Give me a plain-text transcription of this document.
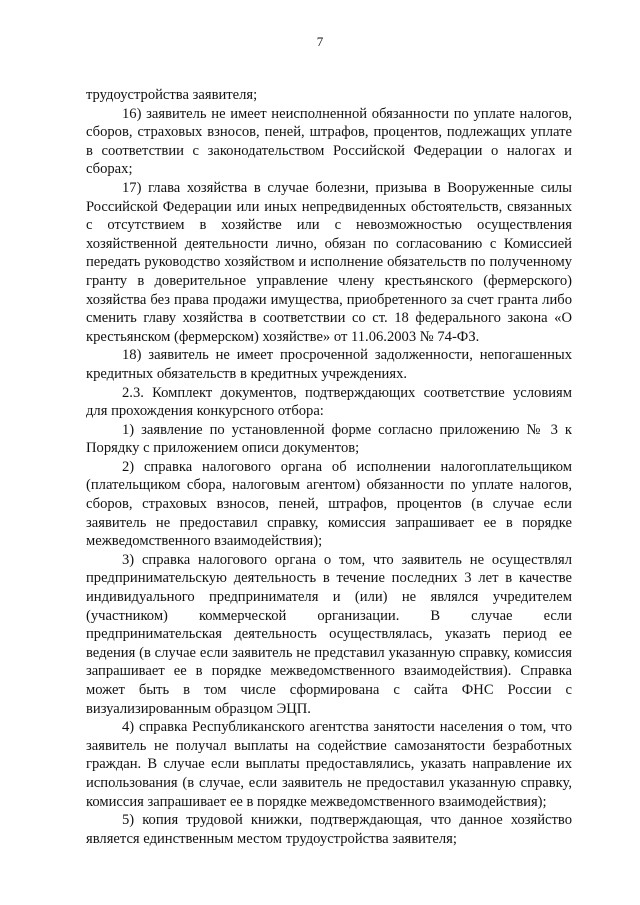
7

трудоустройства заявителя;

16) заявитель не имеет неисполненной обязанности по уплате налогов, сборов, страховых взносов, пеней, штрафов, процентов, подлежащих уплате в соответствии с законодательством Российской Федерации о налогах и сборах;

17) глава хозяйства в случае болезни, призыва в Вооруженные силы Российской Федерации или иных непредвиденных обстоятельств, связанных с отсутствием в хозяйстве или с невозможностью осуществления хозяйственной деятельности лично, обязан по согласованию с Комиссией передать руководство хозяйством и исполнение обязательств по полученному гранту в доверительное управление члену крестьянского (фермерского) хозяйства без права продажи имущества, приобретенного за счет гранта либо сменить главу хозяйства в соответствии со ст. 18 федерального закона «О крестьянском (фермерском) хозяйстве» от 11.06.2003 № 74-ФЗ.

18) заявитель не имеет просроченной задолженности, непогашенных кредитных обязательств в кредитных учреждениях.

2.3. Комплект документов, подтверждающих соответствие условиям для прохождения конкурсного отбора:

1) заявление по установленной форме согласно приложению № 3 к Порядку с приложением описи документов;

2) справка налогового органа об исполнении налогоплательщиком (плательщиком сбора, налоговым агентом) обязанности по уплате налогов, сборов, страховых взносов, пеней, штрафов, процентов (в случае если заявитель не предоставил справку, комиссия запрашивает ее в порядке межведомственного взаимодействия);

3) справка налогового органа о том, что заявитель не осуществлял предпринимательскую деятельность в течение последних 3 лет в качестве индивидуального предпринимателя и (или) не являлся учредителем (участником) коммерческой организации. В случае если предпринимательская деятельность осуществлялась, указать период ее ведения (в случае если заявитель не представил указанную справку, комиссия запрашивает ее в порядке межведомственного взаимодействия). Справка может быть в том числе сформирована с сайта ФНС России с визуализированным образцом ЭЦП.

4) справка Республиканского агентства занятости населения о том, что заявитель не получал выплаты на содействие самозанятости безработных граждан. В случае если выплаты предоставлялись, указать направление их использования (в случае, если заявитель не предоставил указанную справку, комиссия запрашивает ее в порядке межведомственного взаимодействия);

5) копия трудовой книжки, подтверждающая, что данное хозяйство является единственным местом трудоустройства заявителя;
